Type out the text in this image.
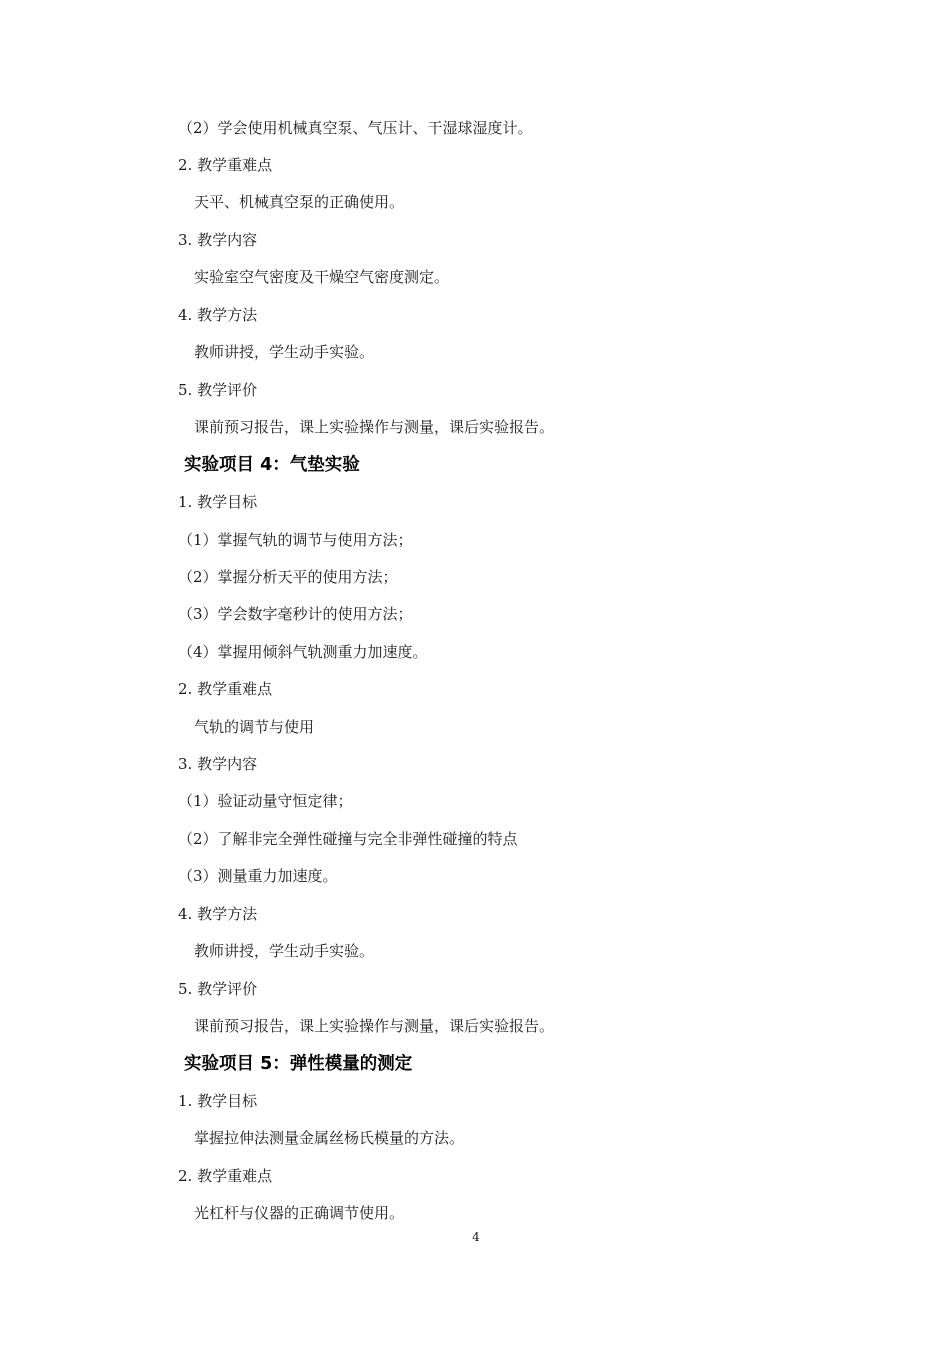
（2）学会使用机械真空泵、气压计、干湿球湿度计。
2. 教学重难点
天平、机械真空泵的正确使用。
3. 教学内容
实验室空气密度及干燥空气密度测定。
4. 教学方法
教师讲授，学生动手实验。
5. 教学评价
课前预习报告，课上实验操作与测量，课后实验报告。
实验项目 4：气垫实验
1. 教学目标
（1）掌握气轨的调节与使用方法；
（2）掌握分析天平的使用方法；
（3）学会数字毫秒计的使用方法；
（4）掌握用倾斜气轨测重力加速度。
2. 教学重难点
气轨的调节与使用
3. 教学内容
（1）验证动量守恒定律；
（2）了解非完全弹性碰撞与完全非弹性碰撞的特点
（3）测量重力加速度。
4. 教学方法
教师讲授，学生动手实验。
5. 教学评价
课前预习报告，课上实验操作与测量，课后实验报告。
实验项目 5：弹性模量的测定
1. 教学目标
掌握拉伸法测量金属丝杨氏模量的方法。
2. 教学重难点
光杠杆与仪器的正确调节使用。
4
